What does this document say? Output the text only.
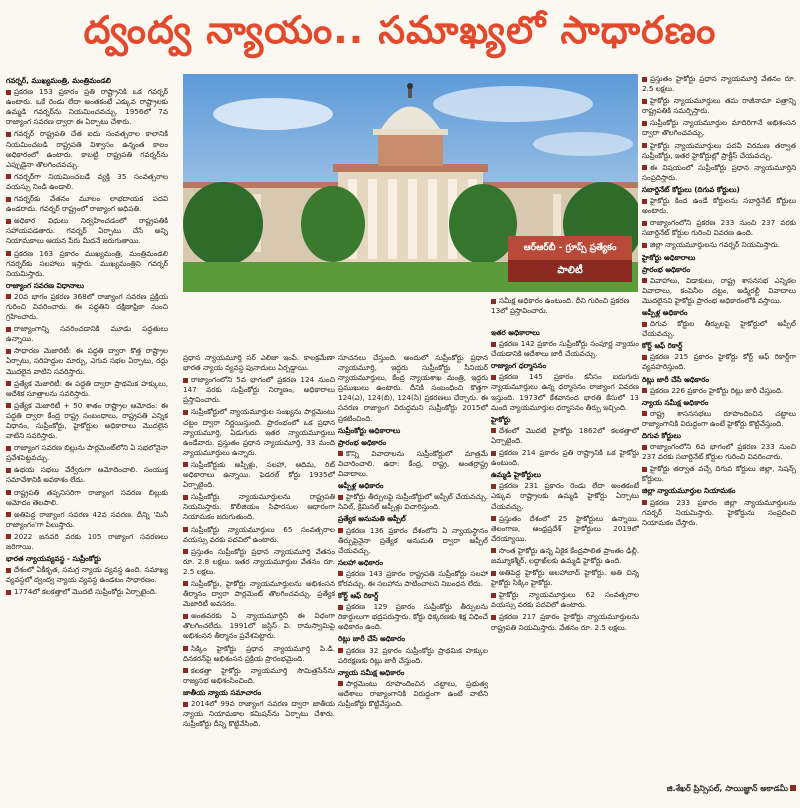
ద్వంద్వ న్యాయం.. సమాఖ్యలో సాధారణం
గవర్నర్, ముఖ్యమంత్రి, మంత్రిమండలి

ప్రకరణ 153 ప్రకారం ప్రతి రాష్ట్రానికి ఒక గవర్నర్ ఉంటారు. ఒకే రెండు లేదా అంతకంటే ఎక్కువ రాష్ట్రాలకు ఉమ్మడి గవర్నర్‌ను నియమించవచ్చు. 1956లో 7వ రాజ్యాంగ సవరణ ద్వారా ఈ ఏర్పాటు చేశారు.

గవర్నర్ రాష్ట్రపతి చేత ఐదు సంవత్సరాల కాలానికి నియమించబడి రాష్ట్రపతి విశ్వాసం ఉన్నంత కాలం అధికారంలో ఉంటారు. కాబట్టి రాష్ట్రపతి గవర్నర్‌ను ఎప్పుడైనా తొలగించవచ్చు.

గవర్నర్‌గా నియమించబడే వ్యక్తి 35 సంవత్సరాల వయస్సు నిండి ఉండాలి.

గవర్నర్‌కు వేతనం మూలం లాభదాయక పదవి ఉండరాదు. గవర్నర్ రాష్ట్రంలో రాజ్యాంగ అధిపతి.

అధికార విధులు నిర్వహించడంలో రాష్ట్రపతికి సహాయపడతారు. గవర్నర్ ఏర్పాటు చేసే అన్ని నియామకాలు ఆయన పేరు మీదనే జరుగుతాయి.

ప్రకరణ 163 ప్రకారం ముఖ్యమంత్రి, మంత్రిమండలి గవర్నర్‌కు సలహాలు ఇస్తారు. ముఖ్యమంత్రిని గవర్నర్ నియమిస్తారు.

రాజ్యాంగ సవరణ విధానాలు

20వ భాగం ప్రకరణ 368లో రాజ్యాంగ సవరణ ప్రక్రియ గురించి వివరించారు. ఈ పద్ధతిని దక్షిణాఫ్రికా నుంచి గ్రహించారు.

రాజ్యాంగాన్ని సవరించడానికి మూడు పద్ధతులు ఉన్నాయి.

సాధారణ మెజారిటీ: ఈ పద్ధతి ద్వారా కొత్త రాష్ట్రాల ఏర్పాటు, సరిహద్దుల మార్పు, ఎగువ సభల ఏర్పాటు, రద్దు మొదలైన వాటిని సవరిస్తారు.

ప్రత్యేక మెజారిటీ: ఈ పద్ధతి ద్వారా ప్రాథమిక హక్కులు, ఆదేశిక సూత్రాలను సవరిస్తారు.

ప్రత్యేక మెజారిటీ + 50 శాతం రాష్ట్రాల ఆమోదం: ఈ పద్ధతి ద్వారా కేంద్ర రాష్ట్ర సంబంధాలు, రాష్ట్రపతి ఎన్నిక విధానం, సుప్రీంకోర్టు, హైకోర్టుల అధికారాలు మొదలైన వాటిని సవరిస్తారు.

రాజ్యాంగ సవరణ బిల్లును పార్లమెంట్‌లోని ఏ సభలోనైనా ప్రవేశపెట్టవచ్చు.

ఉభయ సభలు వేర్వేరుగా ఆమోదించాలి. సంయుక్త సమావేశానికి అవకాశం లేదు.

రాష్ట్రపతి తప్పనిసరిగా రాజ్యాంగ సవరణ బిల్లుకు ఆమోదం తెలపాలి.

అతిపెద్ద రాజ్యాంగ సవరణ 42వ సవరణ. దీన్ని 'మినీ రాజ్యాంగం'గా పిలుస్తారు.

2022 జనవరి వరకు 105 రాజ్యాంగ సవరణలు జరిగాయి.

భారత న్యాయవ్యవస్థ - సుప్రీంకోర్టు

దేశంలో ఏకీకృత, సమగ్ర న్యాయ వ్యవస్థ ఉంది. సమాఖ్య వ్యవస్థలో ద్వంద్వ న్యాయ వ్యవస్థ ఉండటం సాధారణం.

1774లో కలకత్తాలో మొదటి సుప్రీంకోర్టు ఏర్పాటైంది.

ఆర్‌ఆర్‌బీ - గ్రూప్స్ ప్రత్యేకం
పాలిటీ

ప్రధాన న్యాయమూర్తి సర్ ఎలిజా ఇంపే. కాలక్రమేణా భారత న్యాయ వ్యవస్థ పునాదులు ఏర్పడ్డాయి.

రాజ్యాంగంలోని 5వ భాగంలో ప్రకరణ 124 నుంచి 147 వరకు సుప్రీంకోర్టు నిర్మాణం, అధికారాలు ప్రస్తావించారు.

సుప్రీంకోర్టులో న్యాయమూర్తుల సంఖ్యను పార్లమెంటు చట్టం ద్వారా నిర్ణయిస్తుంది. ప్రారంభంలో ఒక ప్రధాన న్యాయమూర్తి, ఏడుగురు ఇతర న్యాయమూర్తులు ఉండేవారు. ప్రస్తుతం ప్రధాన న్యాయమూర్తి, 33 మంది న్యాయమూర్తులు ఉన్నారు.

సుప్రీంకోర్టుకు అప్పీళ్లు, సలహా, ఆదిమ, రిట్ అధికారాలు ఉన్నాయి. ఫెడరల్ కోర్టు 1935లో ఏర్పాటైంది.

సుప్రీంకోర్టు న్యాయమూర్తులను రాష్ట్రపతి నియమిస్తారు. కొలీజియం సిఫారసుల ఆధారంగా నియామకం జరుగుతుంది.

సుప్రీంకోర్టు న్యాయమూర్తులు 65 సంవత్సరాల వయస్సు వరకు పదవిలో ఉంటారు.

ప్రస్తుతం సుప్రీంకోర్టు ప్రధాన న్యాయమూర్తి వేతనం రూ. 2.8 లక్షలు. ఇతర న్యాయమూర్తుల వేతనం రూ. 2.5 లక్షలు.

సుప్రీంకోర్టు, హైకోర్టు న్యాయమూర్తులను అభిశంసన తీర్మానం ద్వారా పార్లమెంట్ తొలగించవచ్చు. ప్రత్యేక మెజారిటీ అవసరం.

అంతవరకు ఏ న్యాయమూర్తినీ ఈ విధంగా తొలగించలేదు. 1991లో జస్టిస్ వి. రామస్వామిపై అభిశంసన తీర్మానం ప్రవేశపెట్టారు.

సిక్కిం హైకోర్టు ప్రధాన న్యాయమూర్తి పి.డి. దినకరన్‌పై అభిశంసన ప్రక్రియ ప్రారంభమైంది.

కలకత్తా హైకోర్టు న్యాయమూర్తి సౌమిత్రసేన్‌ను రాజ్యసభ అభిశంసించింది.

జాతీయ న్యాయ సమాచారం

2014లో 99వ రాజ్యాంగ సవరణ ద్వారా జాతీయ న్యాయ నియామకాల కమిషన్‌ను ఏర్పాటు చేశారు. సుప్రీంకోర్టు దీన్ని కొట్టివేసింది.

సూచనలు చేస్తుంది. అందులో సుప్రీంకోర్టు ప్రధాన న్యాయమూర్తి, ఇద్దరు సుప్రీంకోర్టు సీనియర్ న్యాయమూర్తులు, కేంద్ర న్యాయశాఖ మంత్రి, ఇద్దరు ప్రముఖులు ఉంటారు. దీనికి సంబంధించి కొత్తగా 124(ఎ), 124(బి), 124(సి) ప్రకరణలు చేర్చారు. ఈ సవరణ రాజ్యాంగ విరుద్ధమని సుప్రీంకోర్టు 2015లో ప్రకటించింది.

సుప్రీంకోర్టు అధికారాలు
ప్రారంభ అధికారం

కొన్ని వివాదాలను సుప్రీంకోర్టులో మాత్రమే విచారించాలి. ఉదా: కేంద్ర, రాష్ట్ర, అంతర్రాష్ట్ర వివాదాలు.

అప్పీళ్ల అధికారం

హైకోర్టు తీర్పులపై సుప్రీంకోర్టులో అప్పీల్ చేయవచ్చు. సివిల్, క్రిమినల్ అప్పీళ్లు విచారిస్తుంది.

ప్రత్యేక అనుమతి అప్పీల్

ప్రకరణ 136 ప్రకారం దేశంలోని ఏ న్యాయస్థానం తీర్పుపైనైనా ప్రత్యేక అనుమతి ద్వారా అప్పీల్ చేయవచ్చు.

సలహా అధికారం

ప్రకరణ 143 ప్రకారం రాష్ట్రపతి సుప్రీంకోర్టు సలహా కోరవచ్చు. ఈ సలహాను పాటించాలని నిబంధన లేదు.

కోర్ట్ ఆఫ్ రికార్డ్

ప్రకరణ 129 ప్రకారం సుప్రీంకోర్టు తీర్పులను రికార్డులుగా భద్రపరుస్తారు. కోర్టు ధిక్కరణకు శిక్ష విధించే అధికారం ఉంది.

రిట్లు జారీ చేసే అధికారం

ప్రకరణ 32 ప్రకారం సుప్రీంకోర్టు ప్రాథమిక హక్కుల పరిరక్షణకు రిట్లు జారీ చేస్తుంది.

న్యాయ సమీక్ష అధికారం

పార్లమెంటు రూపొందించిన చట్టాలు, ప్రభుత్వ ఆదేశాలు రాజ్యాంగానికి విరుద్ధంగా ఉంటే వాటిని సుప్రీంకోర్టు కొట్టివేస్తుంది.

సమీక్ష అధికారం ఉంటుంది. దీని గురించి ప్రకరణ 13లో ప్రస్తావించారు.

ఇతర అధికారాలు

ప్రకరణ 142 ప్రకారం సుప్రీంకోర్టు సంపూర్ణ న్యాయం చేయడానికి ఆదేశాలు జారీ చేయవచ్చు.

రాజ్యాంగ ధర్మాసనం

ప్రకరణ 145 ప్రకారం కనీసం ఐదుగురు న్యాయమూర్తులు ఉన్న ధర్మాసనం రాజ్యాంగ వివరణ ఇస్తుంది. 1973లో కేశవానంద భారతి కేసులో 13 మంది న్యాయమూర్తుల ధర్మాసనం తీర్పు ఇచ్చింది.

హైకోర్టు

దేశంలో మొదటి హైకోర్టు 1862లో కలకత్తాలో ఏర్పాటైంది.

ప్రకరణ 214 ప్రకారం ప్రతి రాష్ట్రానికి ఒక హైకోర్టు ఉంటుంది.

ఉమ్మడి హైకోర్టులు

ప్రకరణ 231 ప్రకారం రెండు లేదా అంతకంటే ఎక్కువ రాష్ట్రాలకు ఉమ్మడి హైకోర్టు ఏర్పాటు చేయవచ్చు.

ప్రస్తుతం దేశంలో 25 హైకోర్టులు ఉన్నాయి. తెలంగాణ, ఆంధ్రప్రదేశ్ హైకోర్టులు 2019లో వేరయ్యాయి.

సొంత హైకోర్టు ఉన్న ఏకైక కేంద్రపాలిత ప్రాంతం ఢిల్లీ. జమ్మూకశ్మీర్, లద్దాఖ్‌లకు ఉమ్మడి హైకోర్టు ఉంది.

అతిపెద్ద హైకోర్టు అలహాబాద్ హైకోర్టు. అతి చిన్న హైకోర్టు సిక్కిం హైకోర్టు.

హైకోర్టు న్యాయమూర్తులు 62 సంవత్సరాల వయస్సు వరకు పదవిలో ఉంటారు.

ప్రకరణ 217 ప్రకారం హైకోర్టు న్యాయమూర్తులను రాష్ట్రపతి నియమిస్తారు. వేతనం రూ. 2.5 లక్షలు.

ప్రస్తుతం హైకోర్టు ప్రధాన న్యాయమూర్తి వేతనం రూ. 2.5 లక్షలు.

హైకోర్టు న్యాయమూర్తులు తమ రాజీనామా పత్రాన్ని రాష్ట్రపతికి సమర్పిస్తారు.

సుప్రీంకోర్టు న్యాయమూర్తుల మాదిరిగానే అభిశంసన ద్వారా తొలగించవచ్చు.

హైకోర్టు న్యాయమూర్తులు పదవీ విరమణ తర్వాత సుప్రీంకోర్టు, ఇతర హైకోర్టుల్లో ప్రాక్టీస్ చేయవచ్చు.

ఈ విషయంలో సుప్రీంకోర్టు ప్రధాన న్యాయమూర్తిని సంప్రదిస్తారు.

సబార్డినేట్ కోర్టులు (దిగువ కోర్టులు)

హైకోర్టు కింద ఉండే కోర్టులను సబార్డినేట్ కోర్టులు అంటారు.

రాజ్యాంగంలోని ప్రకరణ 233 నుంచి 237 వరకు సబార్డినేట్ కోర్టుల గురించి వివరణ ఉంది.

జిల్లా న్యాయమూర్తులను గవర్నర్ నియమిస్తారు.

హైకోర్టు అధికారాలు
ప్రారంభ అధికారం

వివాహాలు, విడాకులు, రాష్ట్ర శాసనసభ ఎన్నికల వివాదాలు, కంపెనీల చట్టం, అడ్మిరల్టీ వివాదాలు మొదలైనవి హైకోర్టు ప్రారంభ అధికారంలోకి వస్తాయి.

అప్పీళ్ల అధికారం

దిగువ కోర్టుల తీర్పులపై హైకోర్టులో అప్పీల్ చేయవచ్చు.

కోర్ట్ ఆఫ్ రికార్డ్

ప్రకరణ 215 ప్రకారం హైకోర్టు కోర్ట్ ఆఫ్ రికార్డ్‌గా వ్యవహరిస్తుంది.

రిట్లు జారీ చేసే అధికారం

ప్రకరణ 226 ప్రకారం హైకోర్టు రిట్లు జారీ చేస్తుంది.

న్యాయ సమీక్ష అధికారం

రాష్ట్ర శాసనసభలు రూపొందించిన చట్టాలు రాజ్యాంగానికి విరుద్ధంగా ఉంటే హైకోర్టు కొట్టివేస్తుంది.

దిగువ కోర్టులు

రాజ్యాంగంలోని 6వ భాగంలో ప్రకరణ 233 నుంచి 237 వరకు సబార్డినేట్ కోర్టుల గురించి వివరించారు.

హైకోర్టు తర్వాత వచ్చే దిగువ కోర్టులు జిల్లా, సెషన్స్ కోర్టులు.

జిల్లా న్యాయమూర్తుల నియామకం

ప్రకరణ 233 ప్రకారం జిల్లా న్యాయమూర్తులను గవర్నర్ నియమిస్తారు. హైకోర్టును సంప్రదించి నియామకం చేస్తారు.

జి.శేఖర్ ప్రిన్సిపల్, సాయిజ్ఞాన్ అకాడమీ
